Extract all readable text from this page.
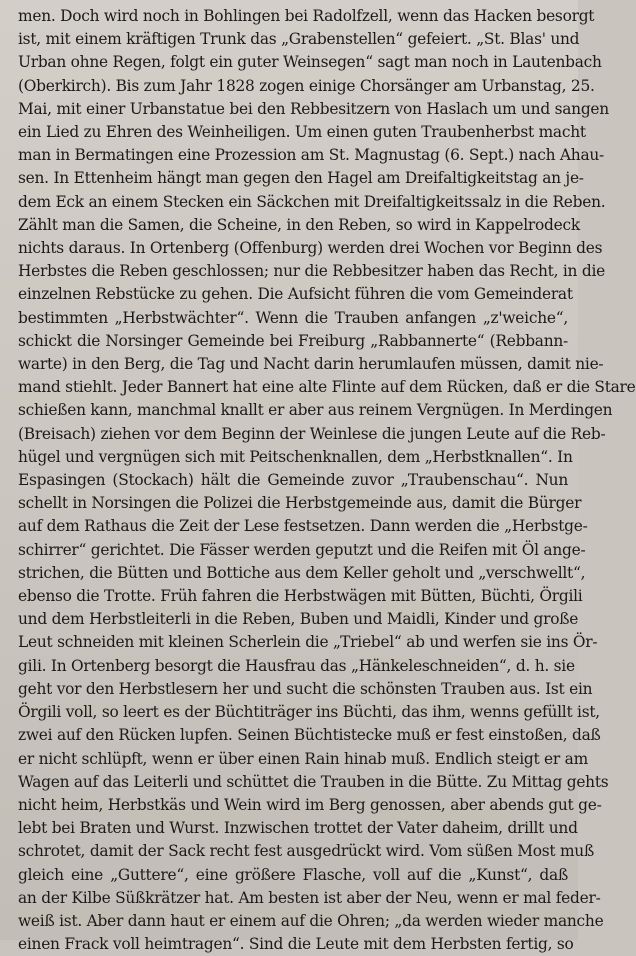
men. Doch wird noch in Bohlingen bei Radolfzell, wenn das Hacken besorgt
ist, mit einem kräftigen Trunk das „Grabenstellen“ gefeiert. „St. Blas' und
Urban ohne Regen, folgt ein guter Weinsegen“ sagt man noch in Lautenbach
(Oberkirch). Bis zum Jahr 1828 zogen einige Chorsänger am Urbanstag, 25.
Mai, mit einer Urbanstatue bei den Rebbesitzern von Haslach um und sangen
ein Lied zu Ehren des Weinheiligen. Um einen guten Traubenherbst macht
man in Bermatingen eine Prozession am St. Magnustag (6. Sept.) nach Ahau-
sen. In Ettenheim hängt man gegen den Hagel am Dreifaltigkeitstag an je-
dem Eck an einem Stecken ein Säckchen mit Dreifaltigkeitssalz in die Reben.
Zählt man die Samen, die Scheine, in den Reben, so wird in Kappelrodeck
nichts daraus. In Ortenberg (Offenburg) werden drei Wochen vor Beginn des
Herbstes die Reben geschlossen; nur die Rebbesitzer haben das Recht, in die
einzelnen Rebstücke zu gehen. Die Aufsicht führen die vom Gemeinderat
bestimmten „Herbstwächter“. Wenn die Trauben anfangen „z'weiche“,
schickt die Norsinger Gemeinde bei Freiburg „Rabbannerte“ (Rebbann-
warte) in den Berg, die Tag und Nacht darin herumlaufen müssen, damit nie-
mand stiehlt. Jeder Bannert hat eine alte Flinte auf dem Rücken, daß er die Stare
schießen kann, manchmal knallt er aber aus reinem Vergnügen. In Merdingen
(Breisach) ziehen vor dem Beginn der Weinlese die jungen Leute auf die Reb-
hügel und vergnügen sich mit Peitschenknallen, dem „Herbstknallen“. In
Espasingen (Stockach) hält die Gemeinde zuvor „Traubenschau“. Nun
schellt in Norsingen die Polizei die Herbstgemeinde aus, damit die Bürger
auf dem Rathaus die Zeit der Lese festsetzen. Dann werden die „Herbstge-
schirrer“ gerichtet. Die Fässer werden geputzt und die Reifen mit Öl ange-
strichen, die Bütten und Bottiche aus dem Keller geholt und „verschwellt“,
ebenso die Trotte. Früh fahren die Herbstwägen mit Bütten, Büchti, Örgili
und dem Herbstleiterli in die Reben, Buben und Maidli, Kinder und große
Leut schneiden mit kleinen Scherlein die „Triebel“ ab und werfen sie ins Ör-
gili. In Ortenberg besorgt die Hausfrau das „Hänkeleschneiden“, d. h. sie
geht vor den Herbstlesern her und sucht die schönsten Trauben aus. Ist ein
Örgili voll, so leert es der Büchtiträger ins Büchti, das ihm, wenns gefüllt ist,
zwei auf den Rücken lupfen. Seinen Büchtistecke muß er fest einstoßen, daß
er nicht schlüpft, wenn er über einen Rain hinab muß. Endlich steigt er am
Wagen auf das Leiterli und schüttet die Trauben in die Bütte. Zu Mittag gehts
nicht heim, Herbstkäs und Wein wird im Berg genossen, aber abends gut ge-
lebt bei Braten und Wurst. Inzwischen trottet der Vater daheim, drillt und
schrotet, damit der Sack recht fest ausgedrückt wird. Vom süßen Most muß
gleich eine „Guttere“, eine größere Flasche, voll auf die „Kunst“, daß
an der Kilbe Süßkrätzer hat. Am besten ist aber der Neu, wenn er mal feder-
weiß ist. Aber dann haut er einem auf die Ohren; „da werden wieder manche
einen Frack voll heimtragen“. Sind die Leute mit dem Herbsten fertig, so
